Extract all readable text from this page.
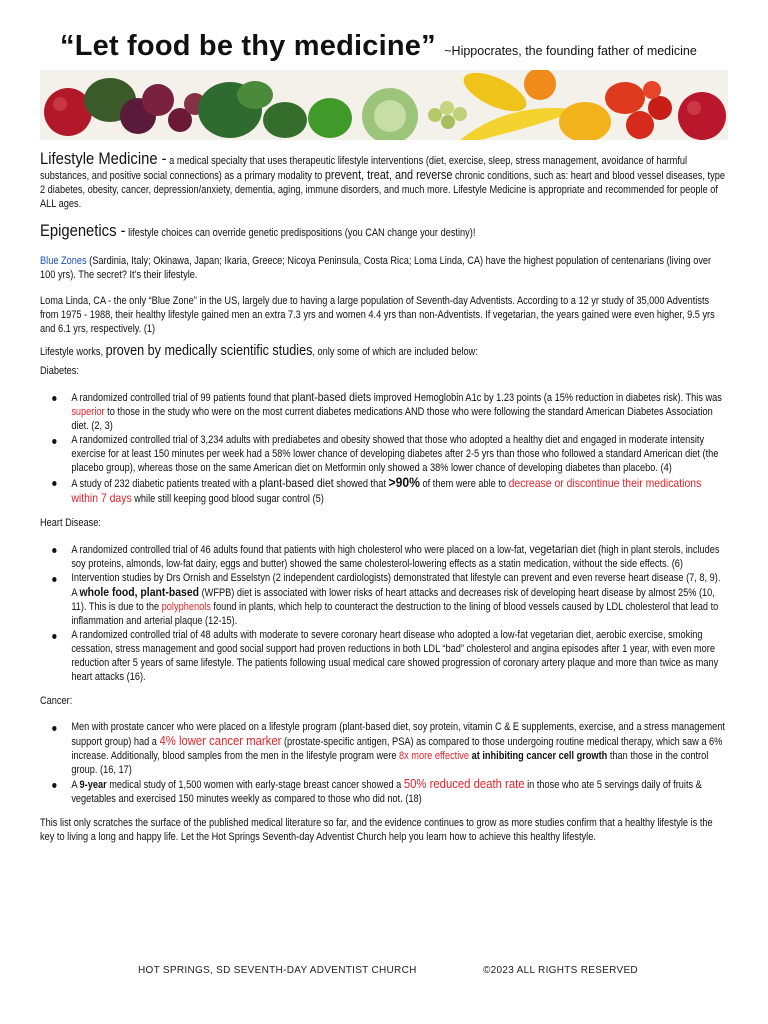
“Let food be thy medicine” ~Hippocrates, the founding father of medicine

Lifestyle Medicine - a medical specialty that uses therapeutic lifestyle interventions (diet, exercise, sleep, stress management, avoidance of harmful substances, and positive social connections) as a primary modality to prevent, treat, and reverse chronic conditions, such as: heart and blood vessel diseases, type 2 diabetes, obesity, cancer, depression/anxiety, dementia, aging, immune disorders, and much more. Lifestyle Medicine is appropriate and recommended for people of ALL ages.

Epigenetics - lifestyle choices can override genetic predispositions (you CAN change your destiny)!

Blue Zones (Sardinia, Italy; Okinawa, Japan; Ikaria, Greece; Nicoya Peninsula, Costa Rica; Loma Linda, CA) have the highest population of centenarians (living over 100 yrs). The secret? It’s their lifestyle.

Loma Linda, CA - the only “Blue Zone” in the US, largely due to having a large population of Seventh-day Adventists. According to a 12 yr study of 35,000 Adventists from 1975 - 1988, their healthy lifestyle gained men an extra 7.3 yrs and women 4.4 yrs than non-Adventists. If vegetarian, the years gained were even higher, 9.5 yrs and 6.1 yrs, respectively. (1)

Lifestyle works, proven by medically scientific studies, only some of which are included below:

Diabetes:

A randomized controlled trial of 99 patients found that plant-based diets improved Hemoglobin A1c by 1.23 points (a 15% reduction in diabetes risk). This was superior to those in the study who were on the most current diabetes medications AND those who were following the standard American Diabetes Association diet. (2, 3)
A randomized controlled trial of 3,234 adults with prediabetes and obesity showed that those who adopted a healthy diet and engaged in moderate intensity exercise for at least 150 minutes per week had a 58% lower chance of developing diabetes after 2-5 yrs than those who followed a standard American diet (the placebo group), whereas those on the same American diet on Metformin only showed a 38% lower chance of developing diabetes than placebo. (4)
A study of 232 diabetic patients treated with a plant-based diet showed that >90% of them were able to decrease or discontinue their medications within 7 days while still keeping good blood sugar control (5)

Heart Disease:

A randomized controlled trial of 46 adults found that patients with high cholesterol who were placed on a low-fat, vegetarian diet (high in plant sterols, includes soy proteins, almonds, low-fat dairy, eggs and butter) showed the same cholesterol-lowering effects as a statin medication, without the side effects. (6)
Intervention studies by Drs Ornish and Esselstyn (2 independent cardiologists) demonstrated that lifestyle can prevent and even reverse heart disease (7, 8, 9). A whole food, plant-based (WFPB) diet is associated with lower risks of heart attacks and decreases risk of developing heart disease by almost 25% (10, 11). This is due to the polyphenols found in plants, which help to counteract the destruction to the lining of blood vessels caused by LDL cholesterol that lead to inflammation and arterial plaque (12-15).
A randomized controlled trial of 48 adults with moderate to severe coronary heart disease who adopted a low-fat vegetarian diet, aerobic exercise, smoking cessation, stress management and good social support had proven reductions in both LDL “bad” cholesterol and angina episodes after 1 year, with even more reduction after 5 years of same lifestyle. The patients following usual medical care showed progression of coronary artery plaque and more than twice as many heart attacks (16).

Cancer:

Men with prostate cancer who were placed on a lifestyle program (plant-based diet, soy protein, vitamin C & E supplements, exercise, and a stress management support group) had a 4% lower cancer marker (prostate-specific antigen, PSA) as compared to those undergoing routine medical therapy, which saw a 6% increase. Additionally, blood samples from the men in the lifestyle program were 8x more effective at inhibiting cancer cell growth than those in the control group. (16, 17)
A 9-year medical study of 1,500 women with early-stage breast cancer showed a 50% reduced death rate in those who ate 5 servings daily of fruits & vegetables and exercised 150 minutes weekly as compared to those who did not. (18)

This list only scratches the surface of the published medical literature so far, and the evidence continues to grow as more studies confirm that a healthy lifestyle is the key to living a long and happy life. Let the Hot Springs Seventh-day Adventist Church help you learn how to achieve this healthy lifestyle.

HOT SPRINGS, SD SEVENTH-DAY ADVENTIST CHURCH	©2023 ALL RIGHTS RESERVED
